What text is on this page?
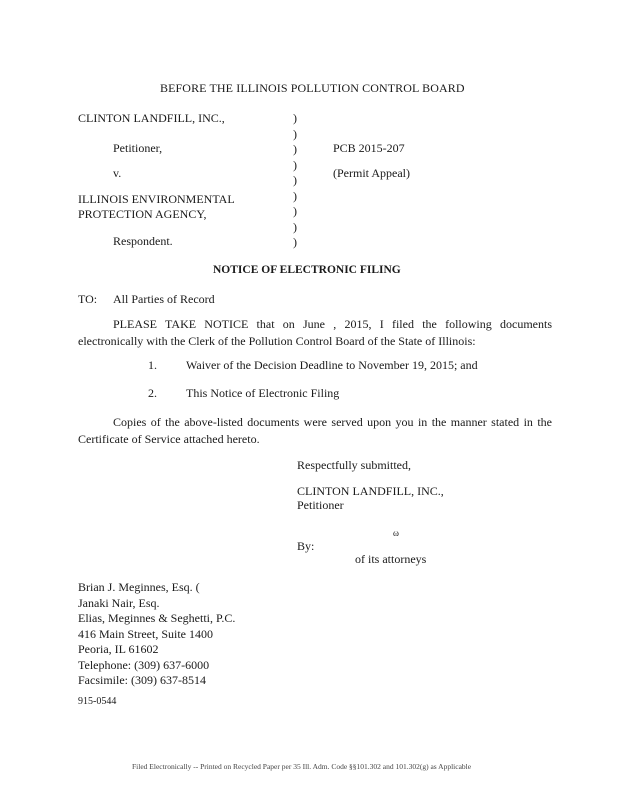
BEFORE THE ILLINOIS POLLUTION CONTROL BOARD
CLINTON LANDFILL, INC.,
Petitioner,
v.
ILLINOIS ENVIRONMENTAL
PROTECTION AGENCY,
Respondent.
)
)
)
)
)
)
)
)
)
PCB 2015-207
(Permit Appeal)
NOTICE OF ELECTRONIC FILING
TO: All Parties of Record
PLEASE TAKE NOTICE that on June , 2015, I filed the following documents electronically with the Clerk of the Pollution Control Board of the State of Illinois:
1. Waiver of the Decision Deadline to November 19, 2015; and
2. This Notice of Electronic Filing
Copies of the above-listed documents were served upon you in the manner stated in the Certificate of Service attached hereto.
Respectfully submitted,
CLINTON LANDFILL, INC.,
Petitioner
ω
By:
of its attorneys
Brian J. Meginnes, Esq. (
Janaki Nair, Esq.
Elias, Meginnes & Seghetti, P.C.
416 Main Street, Suite 1400
Peoria, IL 61602
Telephone: (309) 637-6000
Facsimile: (309) 637-8514
915-0544
Filed Electronically -- Printed on Recycled Paper per 35 Ill. Adm. Code §§101.302 and 101.302(g) as Applicable
